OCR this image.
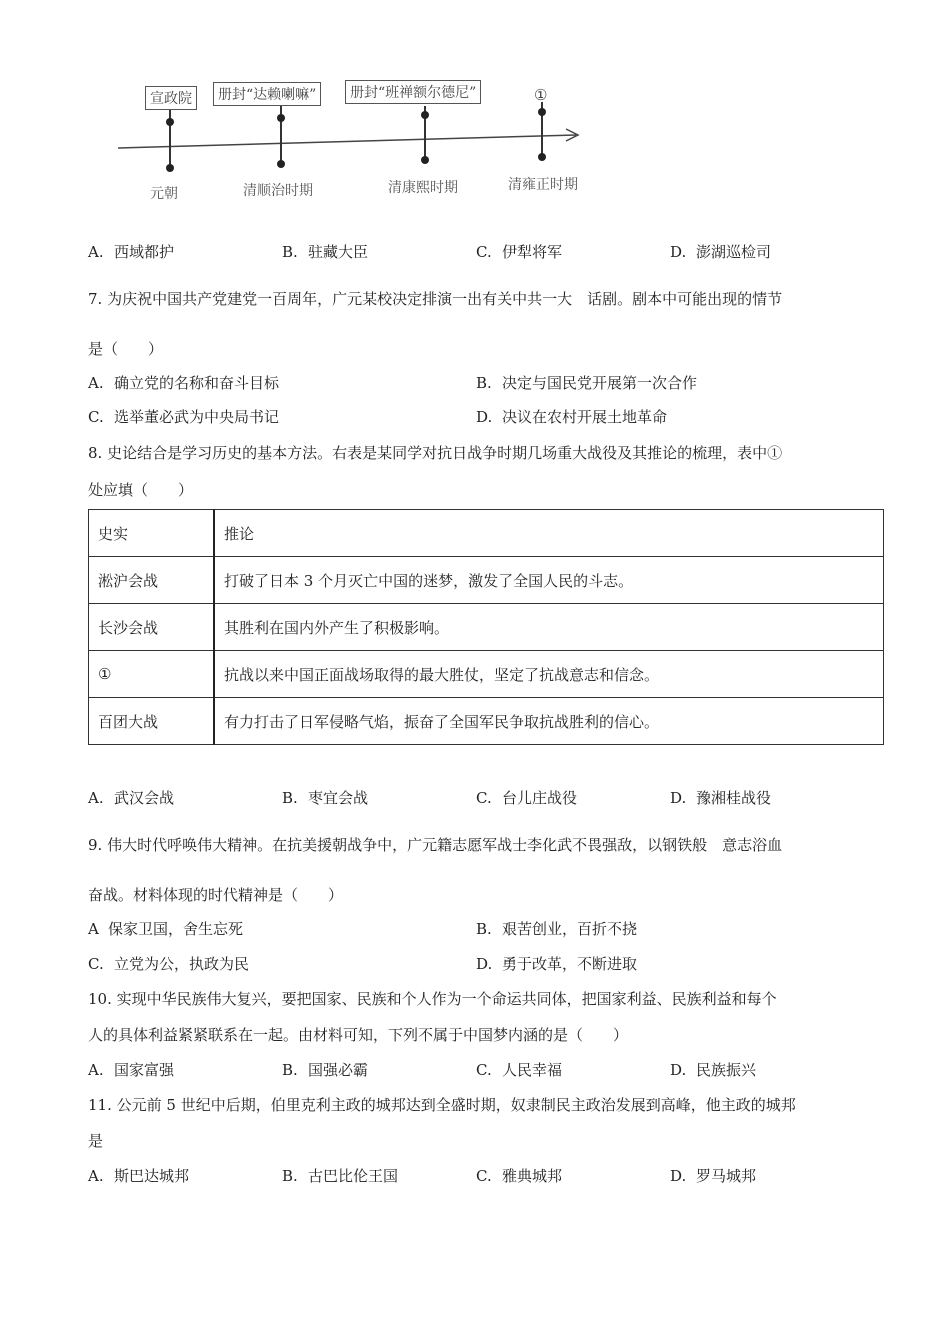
宣政院	册封“达赖喇嘛”	册封“班禅额尔德尼”	①
元朝	清顺治时期	清康熙时期	清雍正时期
A. 西域都护	B. 驻藏大臣	C. 伊犁将军	D. 澎湖巡检司
7. 为庆祝中国共产党建党一百周年，广元某校决定排演一出有关中共一大　话剧。剧本中可能出现的情节
是（　　）
A. 确立党的名称和奋斗目标	B. 决定与国民党开展第一次合作
C. 选举董必武为中央局书记	D. 决议在农村开展土地革命
8. 史论结合是学习历史的基本方法。右表是某同学对抗日战争时期几场重大战役及其推论的梳理，表中①
处应填（　　）
史实	推论
淞沪会战	打破了日本 3 个月灭亡中国的迷梦，激发了全国人民的斗志。
长沙会战	其胜利在国内外产生了积极影响。
①	抗战以来中国正面战场取得的最大胜仗，坚定了抗战意志和信念。
百团大战	有力打击了日军侵略气焰，振奋了全国军民争取抗战胜利的信心。
A. 武汉会战	B. 枣宜会战	C. 台儿庄战役	D. 豫湘桂战役
9. 伟大时代呼唤伟大精神。在抗美援朝战争中，广元籍志愿军战士李化武不畏强敌，以钢铁般　意志浴血
奋战。材料体现的时代精神是（　　）
A 保家卫国，舍生忘死	B. 艰苦创业，百折不挠
C. 立党为公，执政为民	D. 勇于改革，不断进取
10. 实现中华民族伟大复兴，要把国家、民族和个人作为一个命运共同体，把国家利益、民族利益和每个
人的具体利益紧紧联系在一起。由材料可知，下列不属于中国梦内涵的是（　　）
A. 国家富强	B. 国强必霸	C. 人民幸福	D. 民族振兴
11. 公元前 5 世纪中后期，伯里克利主政的城邦达到全盛时期，奴隶制民主政治发展到高峰，他主政的城邦
是
A. 斯巴达城邦	B. 古巴比伦王国	C. 雅典城邦	D. 罗马城邦
